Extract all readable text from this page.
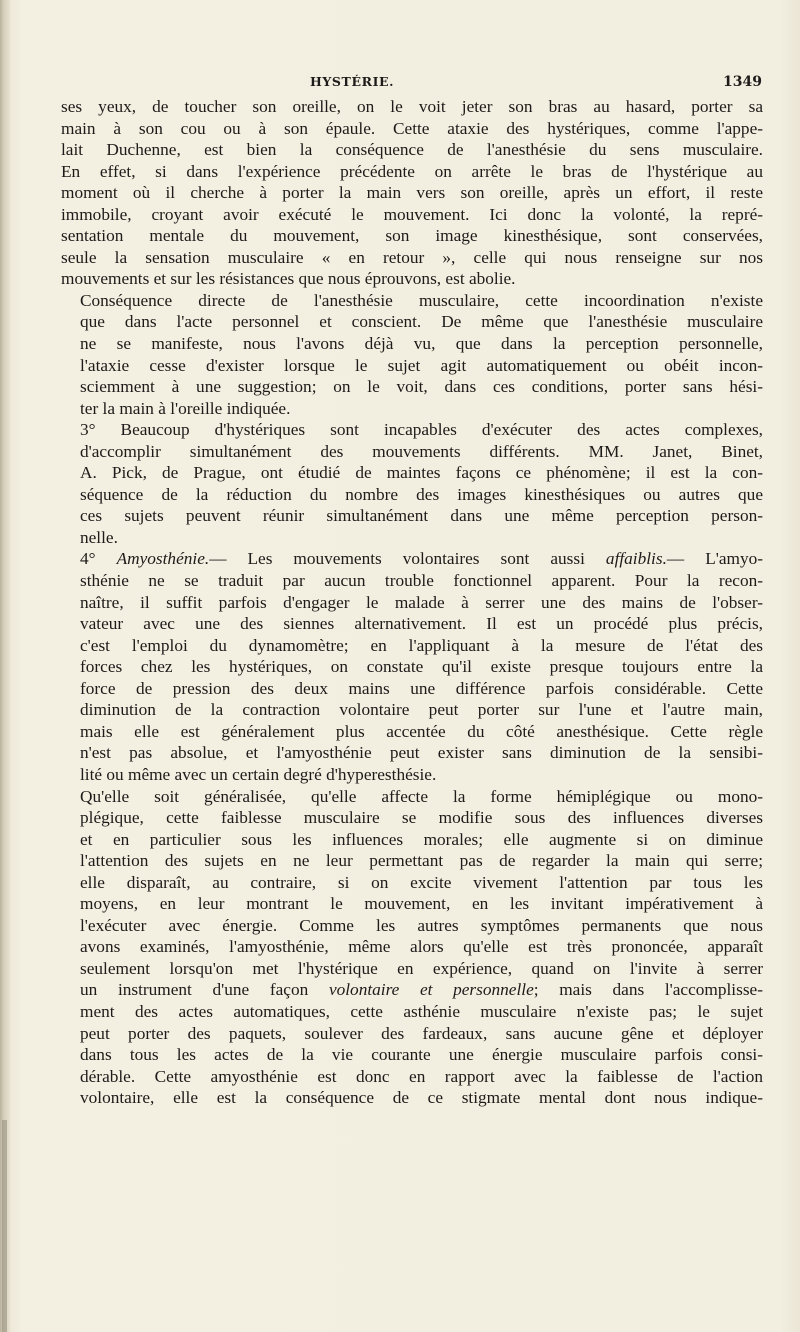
HYSTÉRIE.	1349

ses yeux, de toucher son oreille, on le voit jeter son bras au hasard, porter sa
main à son cou ou à son épaule. Cette ataxie des hystériques, comme l'appe-
lait Duchenne, est bien la conséquence de l'anesthésie du sens musculaire.
En effet, si dans l'expérience précédente on arrête le bras de l'hystérique au
moment où il cherche à porter la main vers son oreille, après un effort, il reste
immobile, croyant avoir exécuté le mouvement. Ici donc la volonté, la repré-
sentation mentale du mouvement, son image kinesthésique, sont conservées,
seule la sensation musculaire « en retour », celle qui nous renseigne sur nos
mouvements et sur les résistances que nous éprouvons, est abolie.

Conséquence directe de l'anesthésie musculaire, cette incoordination n'existe
que dans l'acte personnel et conscient. De même que l'anesthésie musculaire
ne se manifeste, nous l'avons déjà vu, que dans la perception personnelle,
l'ataxie cesse d'exister lorsque le sujet agit automatiquement ou obéit incon-
sciemment à une suggestion; on le voit, dans ces conditions, porter sans hési-
ter la main à l'oreille indiquée.

3° Beaucoup d'hystériques sont incapables d'exécuter des actes complexes,
d'accomplir simultanément des mouvements différents. MM. Janet, Binet,
A. Pick, de Prague, ont étudié de maintes façons ce phénomène; il est la con-
séquence de la réduction du nombre des images kinesthésiques ou autres que
ces sujets peuvent réunir simultanément dans une même perception person-
nelle.

4° Amyosthénie.— Les mouvements volontaires sont aussi affaiblis.— L'amyo-
sthénie ne se traduit par aucun trouble fonctionnel apparent. Pour la recon-
naître, il suffit parfois d'engager le malade à serrer une des mains de l'obser-
vateur avec une des siennes alternativement. Il est un procédé plus précis,
c'est l'emploi du dynamomètre; en l'appliquant à la mesure de l'état des
forces chez les hystériques, on constate qu'il existe presque toujours entre la
force de pression des deux mains une différence parfois considérable. Cette
diminution de la contraction volontaire peut porter sur l'une et l'autre main,
mais elle est généralement plus accentée du côté anesthésique. Cette règle
n'est pas absolue, et l'amyosthénie peut exister sans diminution de la sensibi-
lité ou même avec un certain degré d'hyperesthésie.

Qu'elle soit généralisée, qu'elle affecte la forme hémiplégique ou mono-
plégique, cette faiblesse musculaire se modifie sous des influences diverses
et en particulier sous les influences morales; elle augmente si on diminue
l'attention des sujets en ne leur permettant pas de regarder la main qui serre;
elle disparaît, au contraire, si on excite vivement l'attention par tous les
moyens, en leur montrant le mouvement, en les invitant impérativement à
l'exécuter avec énergie. Comme les autres symptômes permanents que nous
avons examinés, l'amyosthénie, même alors qu'elle est très prononcée, apparaît
seulement lorsqu'on met l'hystérique en expérience, quand on l'invite à serrer
un instrument d'une façon volontaire et personnelle; mais dans l'accomplisse-
ment des actes automatiques, cette asthénie musculaire n'existe pas; le sujet
peut porter des paquets, soulever des fardeaux, sans aucune gêne et déployer
dans tous les actes de la vie courante une énergie musculaire parfois consi-
dérable. Cette amyosthénie est donc en rapport avec la faiblesse de l'action
volontaire, elle est la conséquence de ce stigmate mental dont nous indique-
